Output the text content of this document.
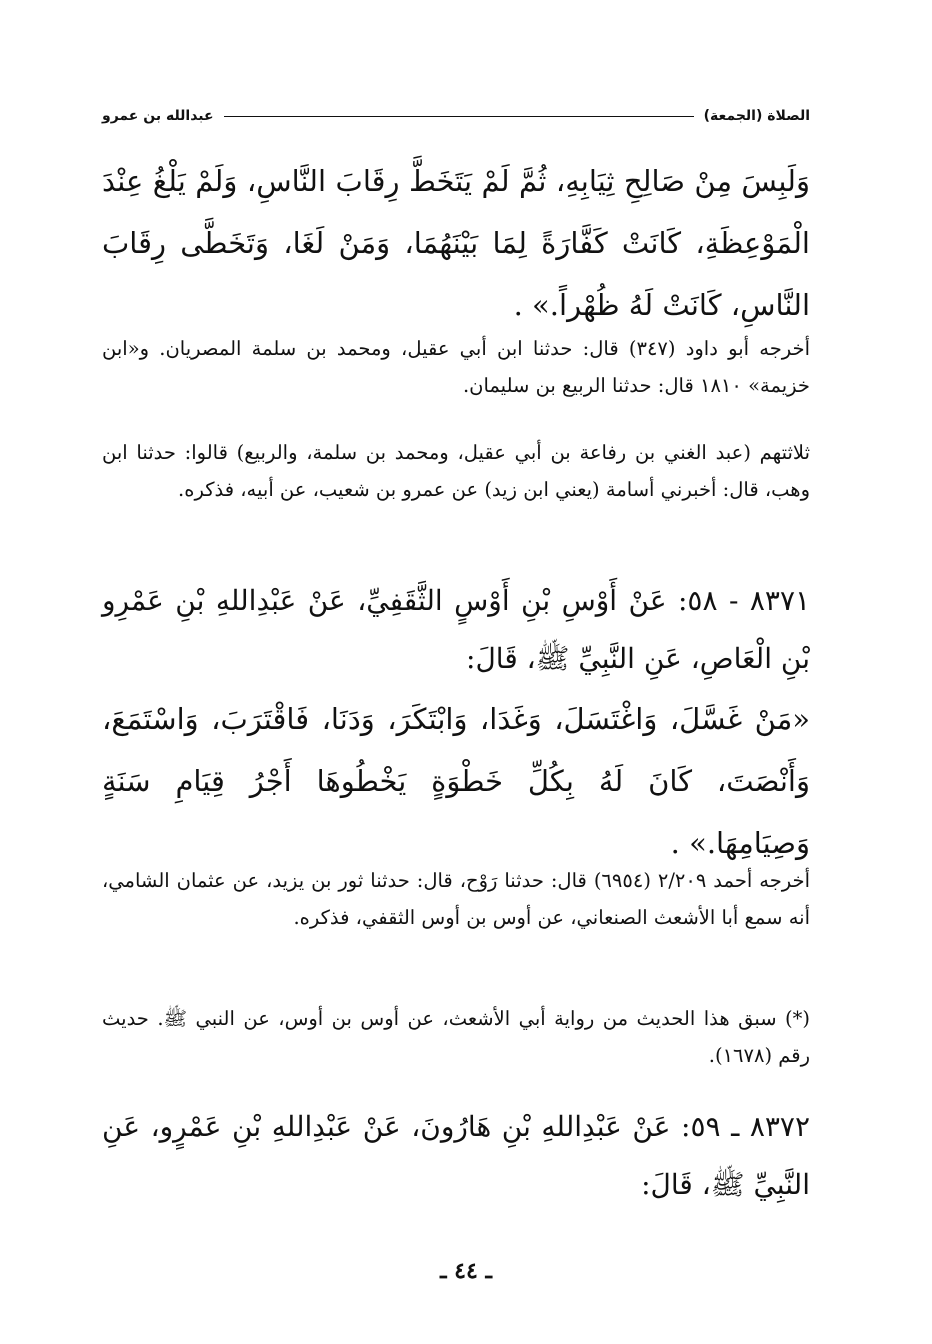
الصلاة (الجمعة)
عبدالله بن عمرو

وَلَبِسَ مِنْ صَالِحِ ثِيَابِهِ، ثُمَّ لَمْ يَتَخَطَّ رِقَابَ النَّاسِ، وَلَمْ يَلْغُ عِنْدَ الْمَوْعِظَةِ، كَانَتْ كَفَّارَةً لِمَا بَيْنَهُمَا، وَمَنْ لَغَا، وَتَخَطَّى رِقَابَ النَّاسِ، كَانَتْ لَهُ ظُهْراً.» .

أخرجه أبو داود (٣٤٧) قال: حدثنا ابن أبي عقيل، ومحمد بن سلمة المصريان. و«ابن خزيمة» ١٨١٠ قال: حدثنا الربيع بن سليمان.

ثلاثتهم (عبد الغني بن رفاعة بن أبي عقيل، ومحمد بن سلمة، والربيع) قالوا: حدثنا ابن وهب، قال: أخبرني أسامة (يعني ابن زيد) عن عمرو بن شعيب، عن أبيه، فذكره.

٨٣٧١ - ٥٨: عَنْ أَوْسِ بْنِ أَوْسٍ الثَّقَفِيِّ، عَنْ عَبْدِاللهِ بْنِ عَمْرِو بْنِ الْعَاصِ، عَنِ النَّبِيِّ ﷺ، قَالَ:

«مَنْ غَسَّلَ، وَاغْتَسَلَ، وَغَدَا، وَابْتَكَرَ، وَدَنَا، فَاقْتَرَبَ، وَاسْتَمَعَ، وَأَنْصَتَ، كَانَ لَهُ بِكُلِّ خَطْوَةٍ يَخْطُوهَا أَجْرُ قِيَامِ سَنَةٍ وَصِيَامِهَا.» .

أخرجه أحمد ٢/٢٠٩ (٦٩٥٤) قال: حدثنا رَوْح، قال: حدثنا ثور بن يزيد، عن عثمان الشامي، أنه سمع أبا الأشعث الصنعاني، عن أوس بن أوس الثقفي، فذكره.

(*) سبق هذا الحديث من رواية أبي الأشعث، عن أوس بن أوس، عن النبي ﷺ. حديث رقم (١٦٧٨).

٨٣٧٢ ـ ٥٩: عَنْ عَبْدِاللهِ بْنِ هَارُونَ، عَنْ عَبْدِاللهِ بْنِ عَمْرٍو، عَنِ النَّبِيِّ ﷺ، قَالَ:

ـ ٤٤ ـ
